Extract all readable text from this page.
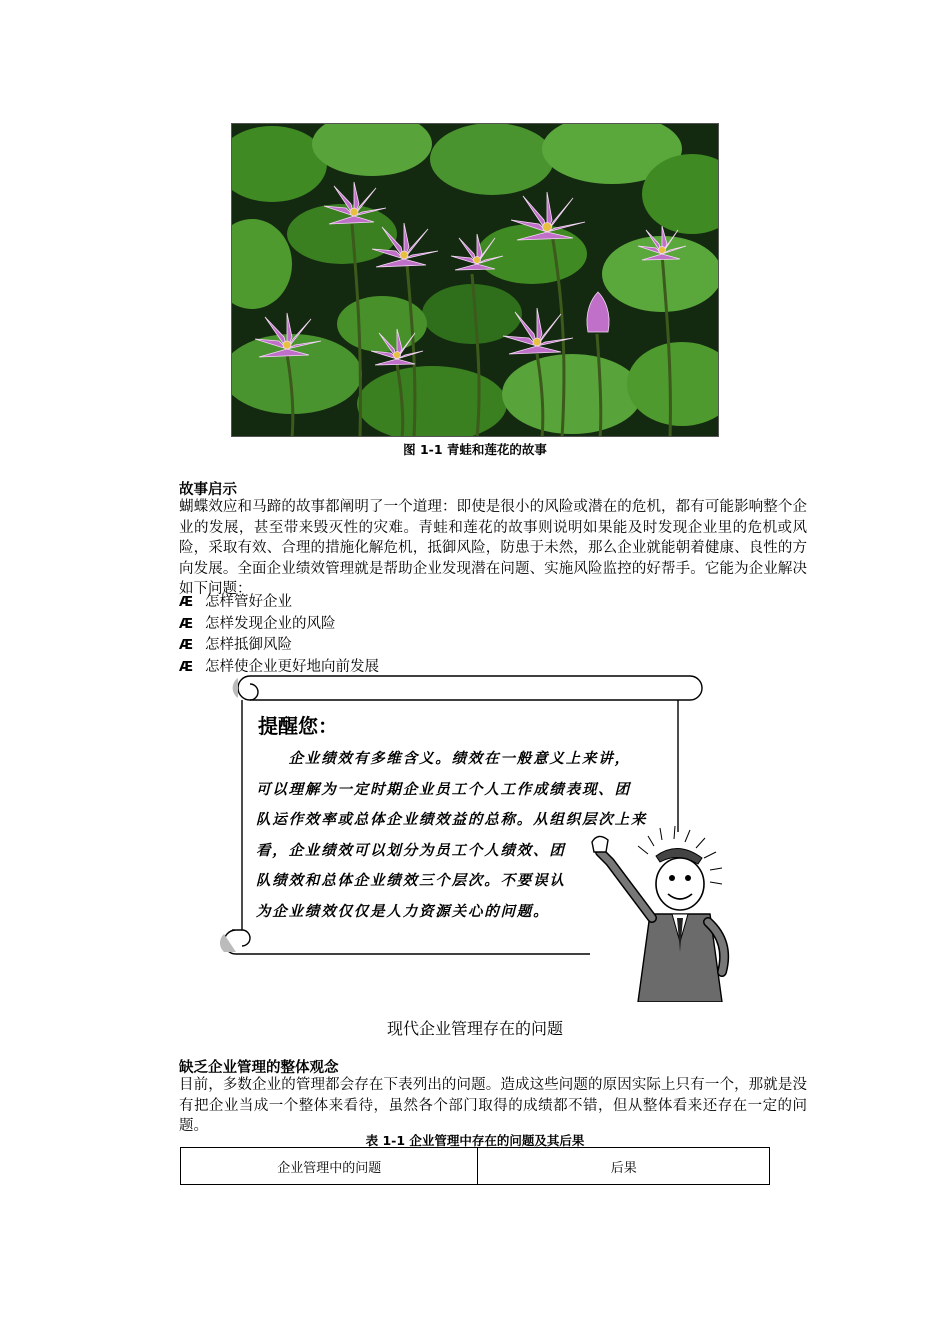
图 1-1 青蛙和莲花的故事
故事启示
蝴蝶效应和马蹄的故事都阐明了一个道理：即使是很小的风险或潜在的危机，都有可能影响整个企业的发展，甚至带来毁灭性的灾难。青蛙和莲花的故事则说明如果能及时发现企业里的危机或风险，采取有效、合理的措施化解危机，抵御风险，防患于未然，那么企业就能朝着健康、良性的方向发展。全面企业绩效管理就是帮助企业发现潜在问题、实施风险监控的好帮手。它能为企业解决如下问题：
Æ 怎样管好企业
Æ 怎样发现企业的风险
Æ 怎样抵御风险
Æ 怎样使企业更好地向前发展
提醒您：
　　企业绩效有多维含义。绩效在一般意义上来讲，
可以理解为一定时期企业员工个人工作成绩表现、团
队运作效率或总体企业绩效益的总称。从组织层次上来
看，企业绩效可以划分为员工个人绩效、团
队绩效和总体企业绩效三个层次。不要误认
为企业绩效仅仅是人力资源关心的问题。
现代企业管理存在的问题
缺乏企业管理的整体观念
目前，多数企业的管理都会存在下表列出的问题。造成这些问题的原因实际上只有一个，那就是没有把企业当成一个整体来看待，虽然各个部门取得的成绩都不错，但从整体看来还存在一定的问题。
表 1-1 企业管理中存在的问题及其后果
企业管理中的问题	后果
